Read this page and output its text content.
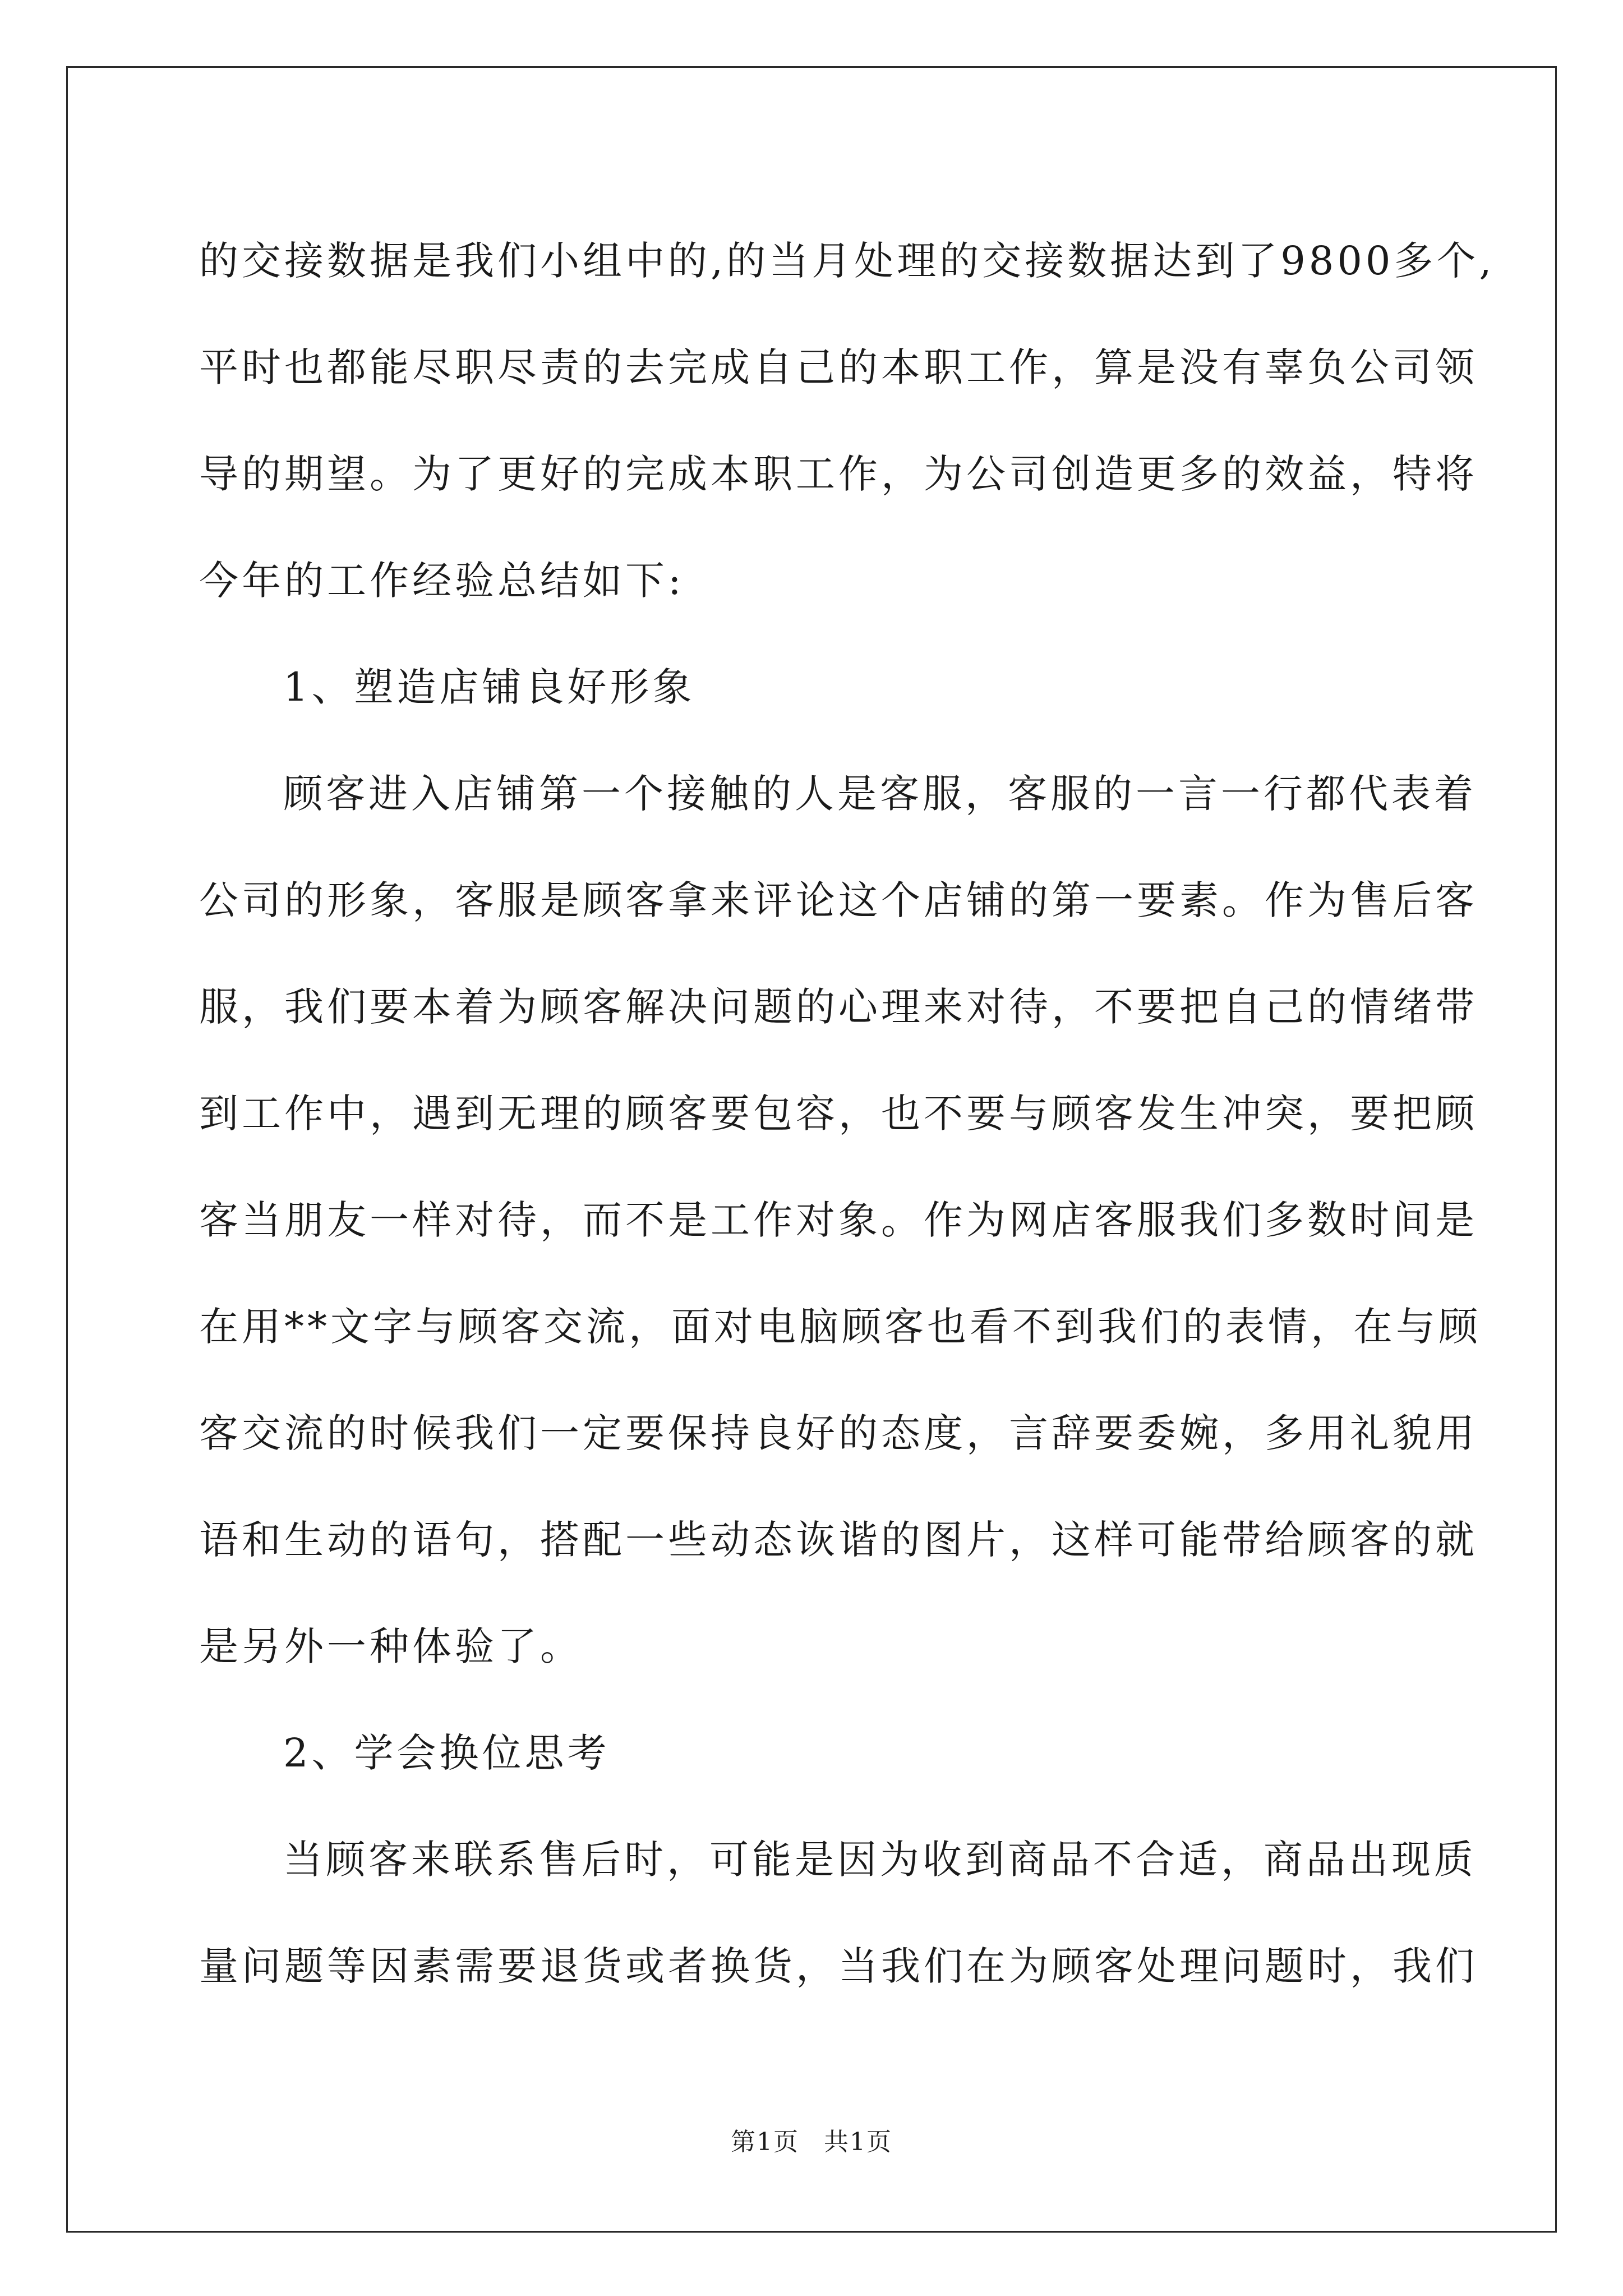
的交接数据是我们小组中的,的当月处理的交接数据达到了9800多个,
平时也都能尽职尽责的去完成自己的本职工作，算是没有辜负公司领
导的期望。为了更好的完成本职工作，为公司创造更多的效益，特将
今年的工作经验总结如下:
1、塑造店铺良好形象
顾客进入店铺第一个接触的人是客服，客服的一言一行都代表着
公司的形象，客服是顾客拿来评论这个店铺的第一要素。作为售后客
服，我们要本着为顾客解决问题的心理来对待，不要把自己的情绪带
到工作中，遇到无理的顾客要包容，也不要与顾客发生冲突，要把顾
客当朋友一样对待，而不是工作对象。作为网店客服我们多数时间是
在用**文字与顾客交流，面对电脑顾客也看不到我们的表情，在与顾
客交流的时候我们一定要保持良好的态度，言辞要委婉，多用礼貌用
语和生动的语句，搭配一些动态诙谐的图片，这样可能带给顾客的就
是另外一种体验了。
2、学会换位思考
当顾客来联系售后时，可能是因为收到商品不合适，商品出现质
量问题等因素需要退货或者换货，当我们在为顾客处理问题时，我们
第1页 共1页
